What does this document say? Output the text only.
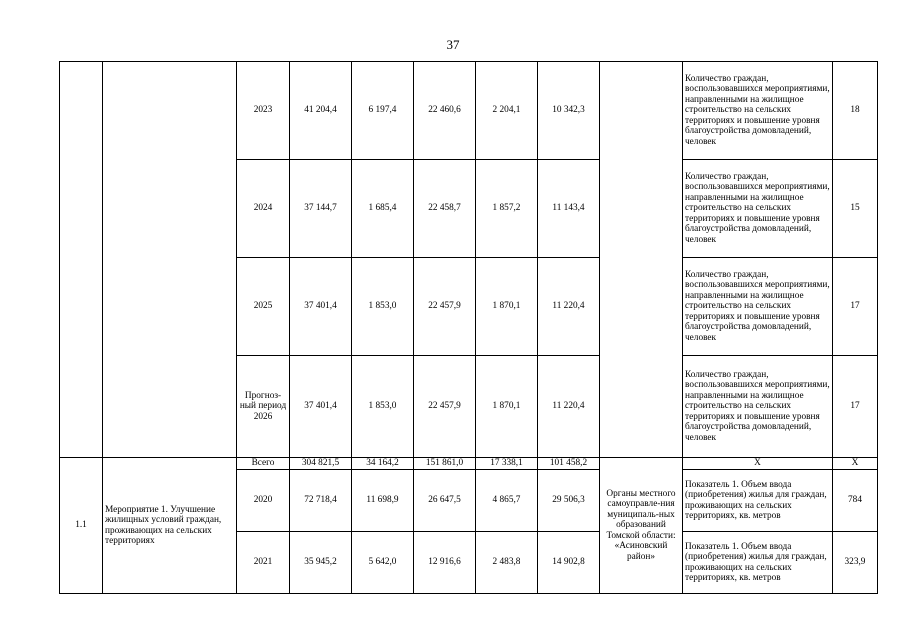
37
		2023	41 204,4	6 197,4	22 460,6	2 204,1	10 342,3		Количество граждан, воспользовавшихся мероприятиями, направленными на жилищное строительство на сельских территориях и повышение уровня благоустройства домовладений, человек	18
		2024	37 144,7	1 685,4	22 458,7	1 857,2	11 143,4		Количество граждан, воспользовавшихся мероприятиями, направленными на жилищное строительство на сельских территориях и повышение уровня благоустройства домовладений, человек	15
		2025	37 401,4	1 853,0	22 457,9	1 870,1	11 220,4		Количество граждан, воспользовавшихся мероприятиями, направленными на жилищное строительство на сельских территориях и повышение уровня благоустройства домовладений, человек	17
		Прогноз-ный период 2026	37 401,4	1 853,0	22 457,9	1 870,1	11 220,4		Количество граждан, воспользовавшихся мероприятиями, направленными на жилищное строительство на сельских территориях и повышение уровня благоустройства домовладений, человек	17
1.1	Мероприятие 1. Улучшение жилищных условий граждан, проживающих на сельских территориях	Всего	304 821,5	34 164,2	151 861,0	17 338,1	101 458,2	Органы местного самоуправле-ния муниципаль-ных образований Томской области: «Асиновский район»	X	X
		2020	72 718,4	11 698,9	26 647,5	4 865,7	29 506,3		Показатель 1. Объем ввода (приобретения) жилья для граждан, проживающих на сельских территориях, кв. метров	784
		2021	35 945,2	5 642,0	12 916,6	2 483,8	14 902,8		Показатель 1. Объем ввода (приобретения) жилья для граждан, проживающих на сельских территориях, кв. метров	323,9
